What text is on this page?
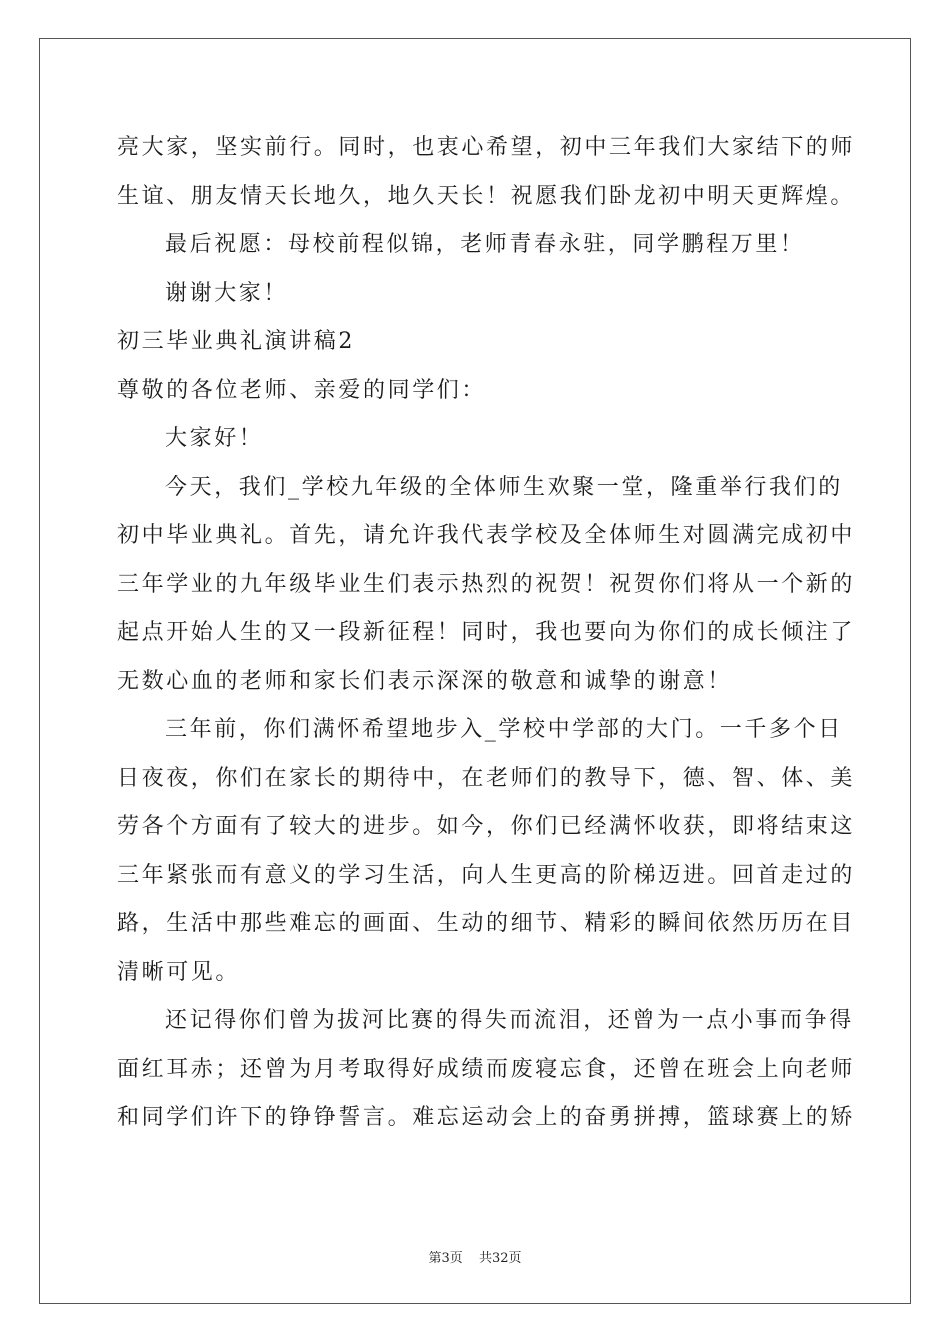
亮大家，坚实前行。同时，也衷心希望，初中三年我们大家结下的师
生谊、朋友情天长地久，地久天长！祝愿我们卧龙初中明天更辉煌。
最后祝愿：母校前程似锦，老师青春永驻，同学鹏程万里！
谢谢大家！
初三毕业典礼演讲稿2
尊敬的各位老师、亲爱的同学们：
大家好！
今天，我们_学校九年级的全体师生欢聚一堂，隆重举行我们的
初中毕业典礼。首先，请允许我代表学校及全体师生对圆满完成初中
三年学业的九年级毕业生们表示热烈的祝贺！祝贺你们将从一个新的
起点开始人生的又一段新征程！同时，我也要向为你们的成长倾注了
无数心血的老师和家长们表示深深的敬意和诚挚的谢意！
三年前，你们满怀希望地步入_学校中学部的大门。一千多个日
日夜夜，你们在家长的期待中，在老师们的教导下，德、智、体、美
劳各个方面有了较大的进步。如今，你们已经满怀收获，即将结束这
三年紧张而有意义的学习生活，向人生更高的阶梯迈进。回首走过的
路，生活中那些难忘的画面、生动的细节、精彩的瞬间依然历历在目
清晰可见。
还记得你们曾为拔河比赛的得失而流泪，还曾为一点小事而争得
面红耳赤；还曾为月考取得好成绩而废寝忘食，还曾在班会上向老师
和同学们许下的铮铮誓言。难忘运动会上的奋勇拼搏，篮球赛上的矫
第3页 共32页
